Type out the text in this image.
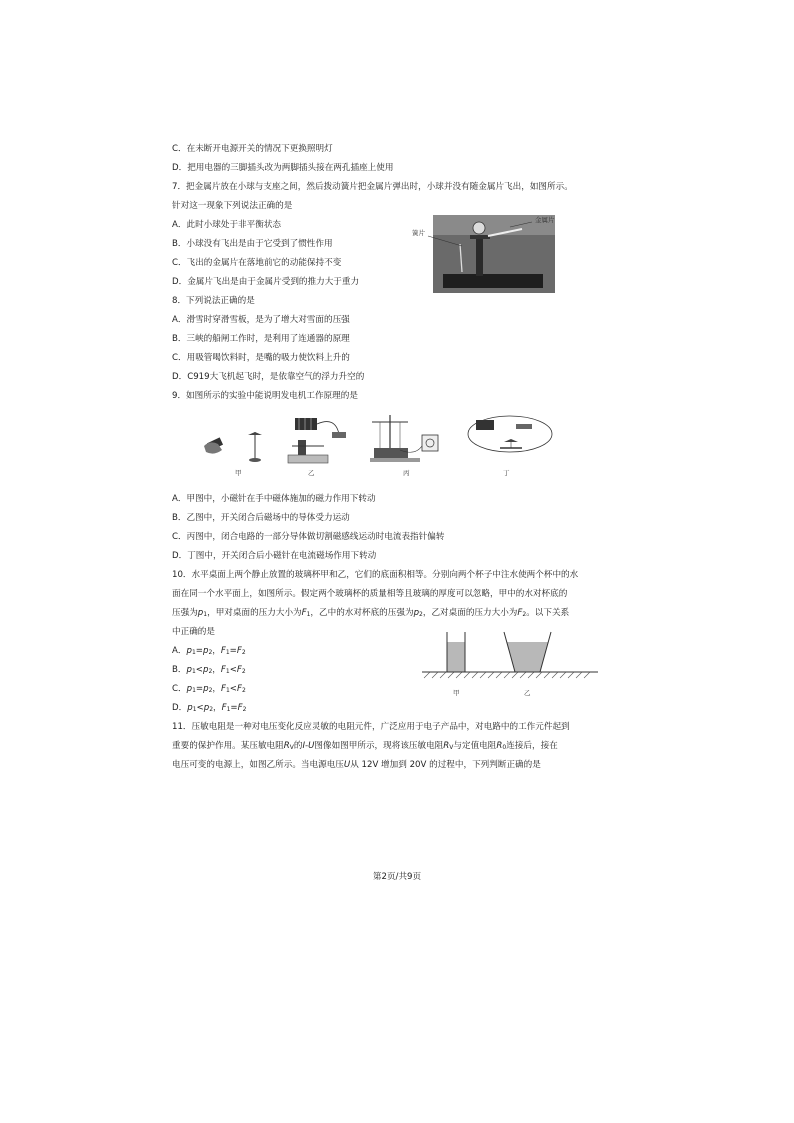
C．在未断开电源开关的情况下更换照明灯
D．把用电器的三脚插头改为两脚插头接在两孔插座上使用
7．把金属片放在小球与支座之间，然后拨动簧片把金属片弹出时，小球并没有随金属片飞出，如图所示。
针对这一现象下列说法正确的是
A．此时小球处于非平衡状态
B．小球没有飞出是由于它受到了惯性作用
C．飞出的金属片在落地前它的动能保持不变
D．金属片飞出是由于金属片受到的推力大于重力
8．下列说法正确的是
A．滑雪时穿滑雪板，是为了增大对雪面的压强
B．三峡的船闸工作时，是利用了连通器的原理
C．用吸管喝饮料时，是嘴的吸力使饮料上升的
D．C919大飞机起飞时，是依靠空气的浮力升空的
9．如图所示的实验中能说明发电机工作原理的是
簧片
金属片
甲	乙	丙	丁
A．甲图中，小磁针在手中磁体施加的磁力作用下转动
B．乙图中，开关闭合后磁场中的导体受力运动
C．丙图中，闭合电路的一部分导体做切割磁感线运动时电流表指针偏转
D．丁图中，开关闭合后小磁针在电流磁场作用下转动
10．水平桌面上两个静止放置的玻璃杯甲和乙，它们的底面积相等。分别向两个杯子中注水使两个杯中的水
面在同一个水平面上，如图所示。假定两个玻璃杯的质量相等且玻璃的厚度可以忽略，甲中的水对杯底的
压强为p1，甲对桌面的压力大小为F1，乙中的水对杯底的压强为p2，乙对桌面的压力大小为F2。以下关系
中正确的是
A．p1=p2，F1=F2
B．p1<p2，F1<F2
C．p1=p2，F1<F2
D．p1<p2，F1=F2
甲	乙
11．压敏电阻是一种对电压变化反应灵敏的电阻元件，广泛应用于电子产品中，对电路中的工作元件起到
重要的保护作用。某压敏电阻RV的I-U图像如图甲所示，现将该压敏电阻RV与定值电阻R0连接后，接在
电压可变的电源上，如图乙所示。当电源电压U从 12V 增加到 20V 的过程中，下列判断正确的是
第2页/共9页
